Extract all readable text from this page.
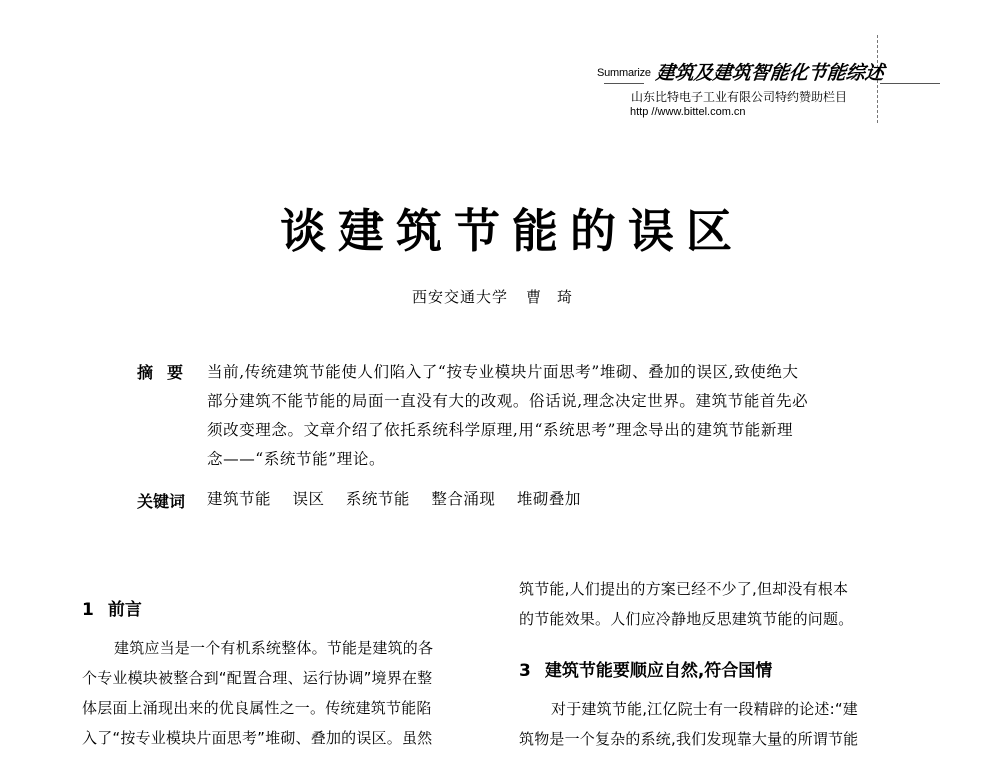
Summarize 建筑及建筑智能化节能综述
山东比特电子工业有限公司特约赞助栏目
http //www.bittel.com.cn
谈建筑节能的误区
西安交通大学 曹琦
摘要 当前,传统建筑节能使人们陷入了“按专业模块片面思考”堆砌、叠加的误区,致使绝大
部分建筑不能节能的局面一直没有大的改观。俗话说,理念决定世界。建筑节能首先必
须改变理念。文章介绍了依托系统科学原理,用“系统思考”理念导出的建筑节能新理
念——“系统节能”理论。
关键词 建筑节能 误区 系统节能 整合涌现 堆砌叠加
1 前言

建筑应当是一个有机系统整体。节能是建筑的各

个专业模块被整合到“配置合理、运行协调”境界在整

体层面上涌现出来的优良属性之一。传统建筑节能陷

入了“按专业模块片面思考”堆砌、叠加的误区。虽然

筑节能,人们提出的方案已经不少了,但却没有根本

的节能效果。人们应冷静地反思建筑节能的问题。

3 建筑节能要顺应自然,符合国情

对于建筑节能,江亿院士有一段精辟的论述:“建

筑物是一个复杂的系统,我们发现靠大量的所谓节能
